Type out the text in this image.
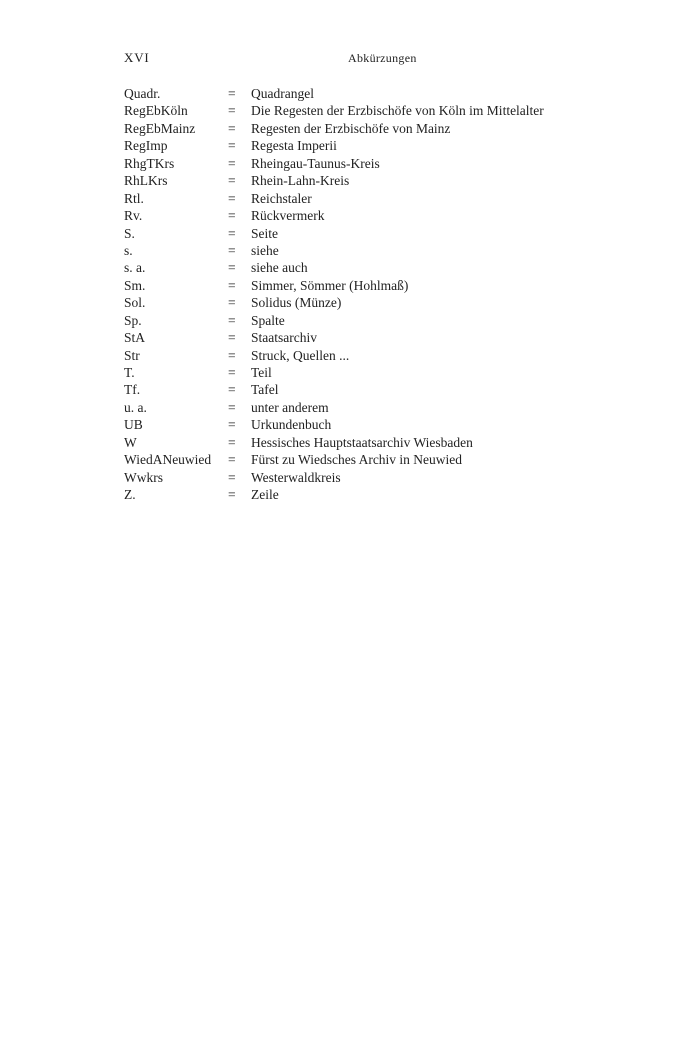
XVI	Abkürzungen
Quadr.	=	Quadrangel
RegEbKöln	=	Die Regesten der Erzbischöfe von Köln im Mittelalter
RegEbMainz	=	Regesten der Erzbischöfe von Mainz
RegImp	=	Regesta Imperii
RhgTKrs	=	Rheingau-Taunus-Kreis
RhLKrs	=	Rhein-Lahn-Kreis
Rtl.	=	Reichstaler
Rv.	=	Rückvermerk
S.	=	Seite
s.	=	siehe
s. a.	=	siehe auch
Sm.	=	Simmer, Sömmer (Hohlmaß)
Sol.	=	Solidus (Münze)
Sp.	=	Spalte
StA	=	Staatsarchiv
Str	=	Struck, Quellen ...
T.	=	Teil
Tf.	=	Tafel
u. a.	=	unter anderem
UB	=	Urkundenbuch
W	=	Hessisches Hauptstaatsarchiv Wiesbaden
WiedANeuwied	=	Fürst zu Wiedsches Archiv in Neuwied
Wwkrs	=	Westerwaldkreis
Z.	=	Zeile
